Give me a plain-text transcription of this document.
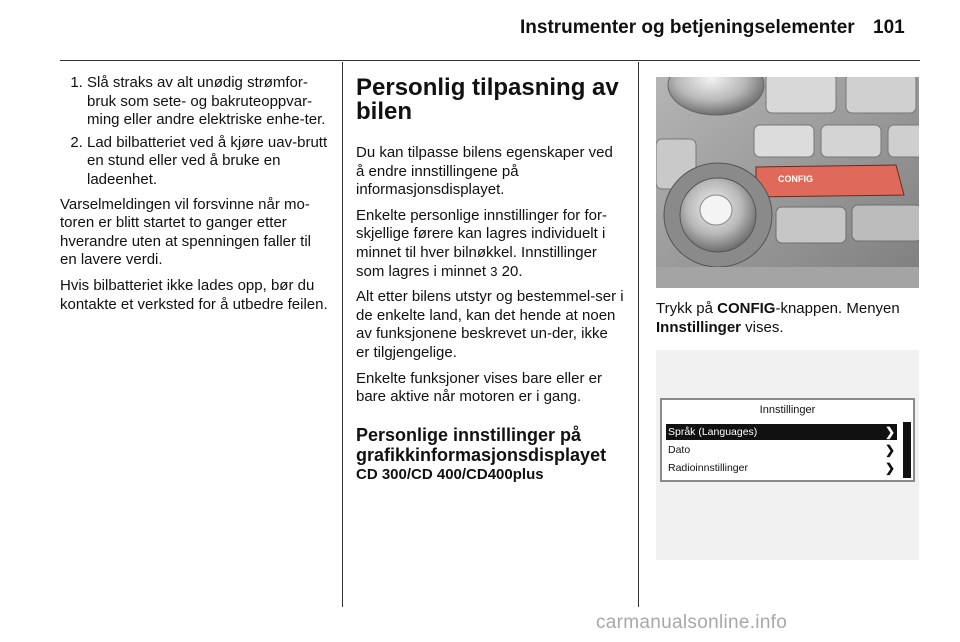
Instrumenter og betjeningselementer 101
1. Slå straks av alt unødig strømfor-bruk som sete- og bakruteoppvar-ming eller andre elektriske enhe-ter.
2. Lad bilbatteriet ved å kjøre uav-brutt en stund eller ved å bruke en ladeenhet.

Varselmeldingen vil forsvinne når mo-toren er blitt startet to ganger etter hverandre uten at spenningen faller til en lavere verdi.

Hvis bilbatteriet ikke lades opp, bør du kontakte et verksted for å utbedre feilen.

Personlig tilpasning av bilen

Du kan tilpasse bilens egenskaper ved å endre innstillingene på informasjonsdisplayet.

Enkelte personlige innstillinger for for-skjellige førere kan lagres individuelt i minnet til hver bilnøkkel. Innstillinger som lagres i minnet 3 20.

Alt etter bilens utstyr og bestemmel-ser i de enkelte land, kan det hende at noen av funksjonene beskrevet un-der, ikke er tilgjengelige.

Enkelte funksjoner vises bare eller er bare aktive når motoren er i gang.

Personlige innstillinger på grafikkinformasjonsdisplayet
CD 300/CD 400/CD400plus
CONFIG

Trykk på CONFIG-knappen. Menyen Innstillinger vises.

Innstillinger
Språk (Languages)	❯
Dato	❯
Radioinnstillinger	❯
carmanualsonline.info
